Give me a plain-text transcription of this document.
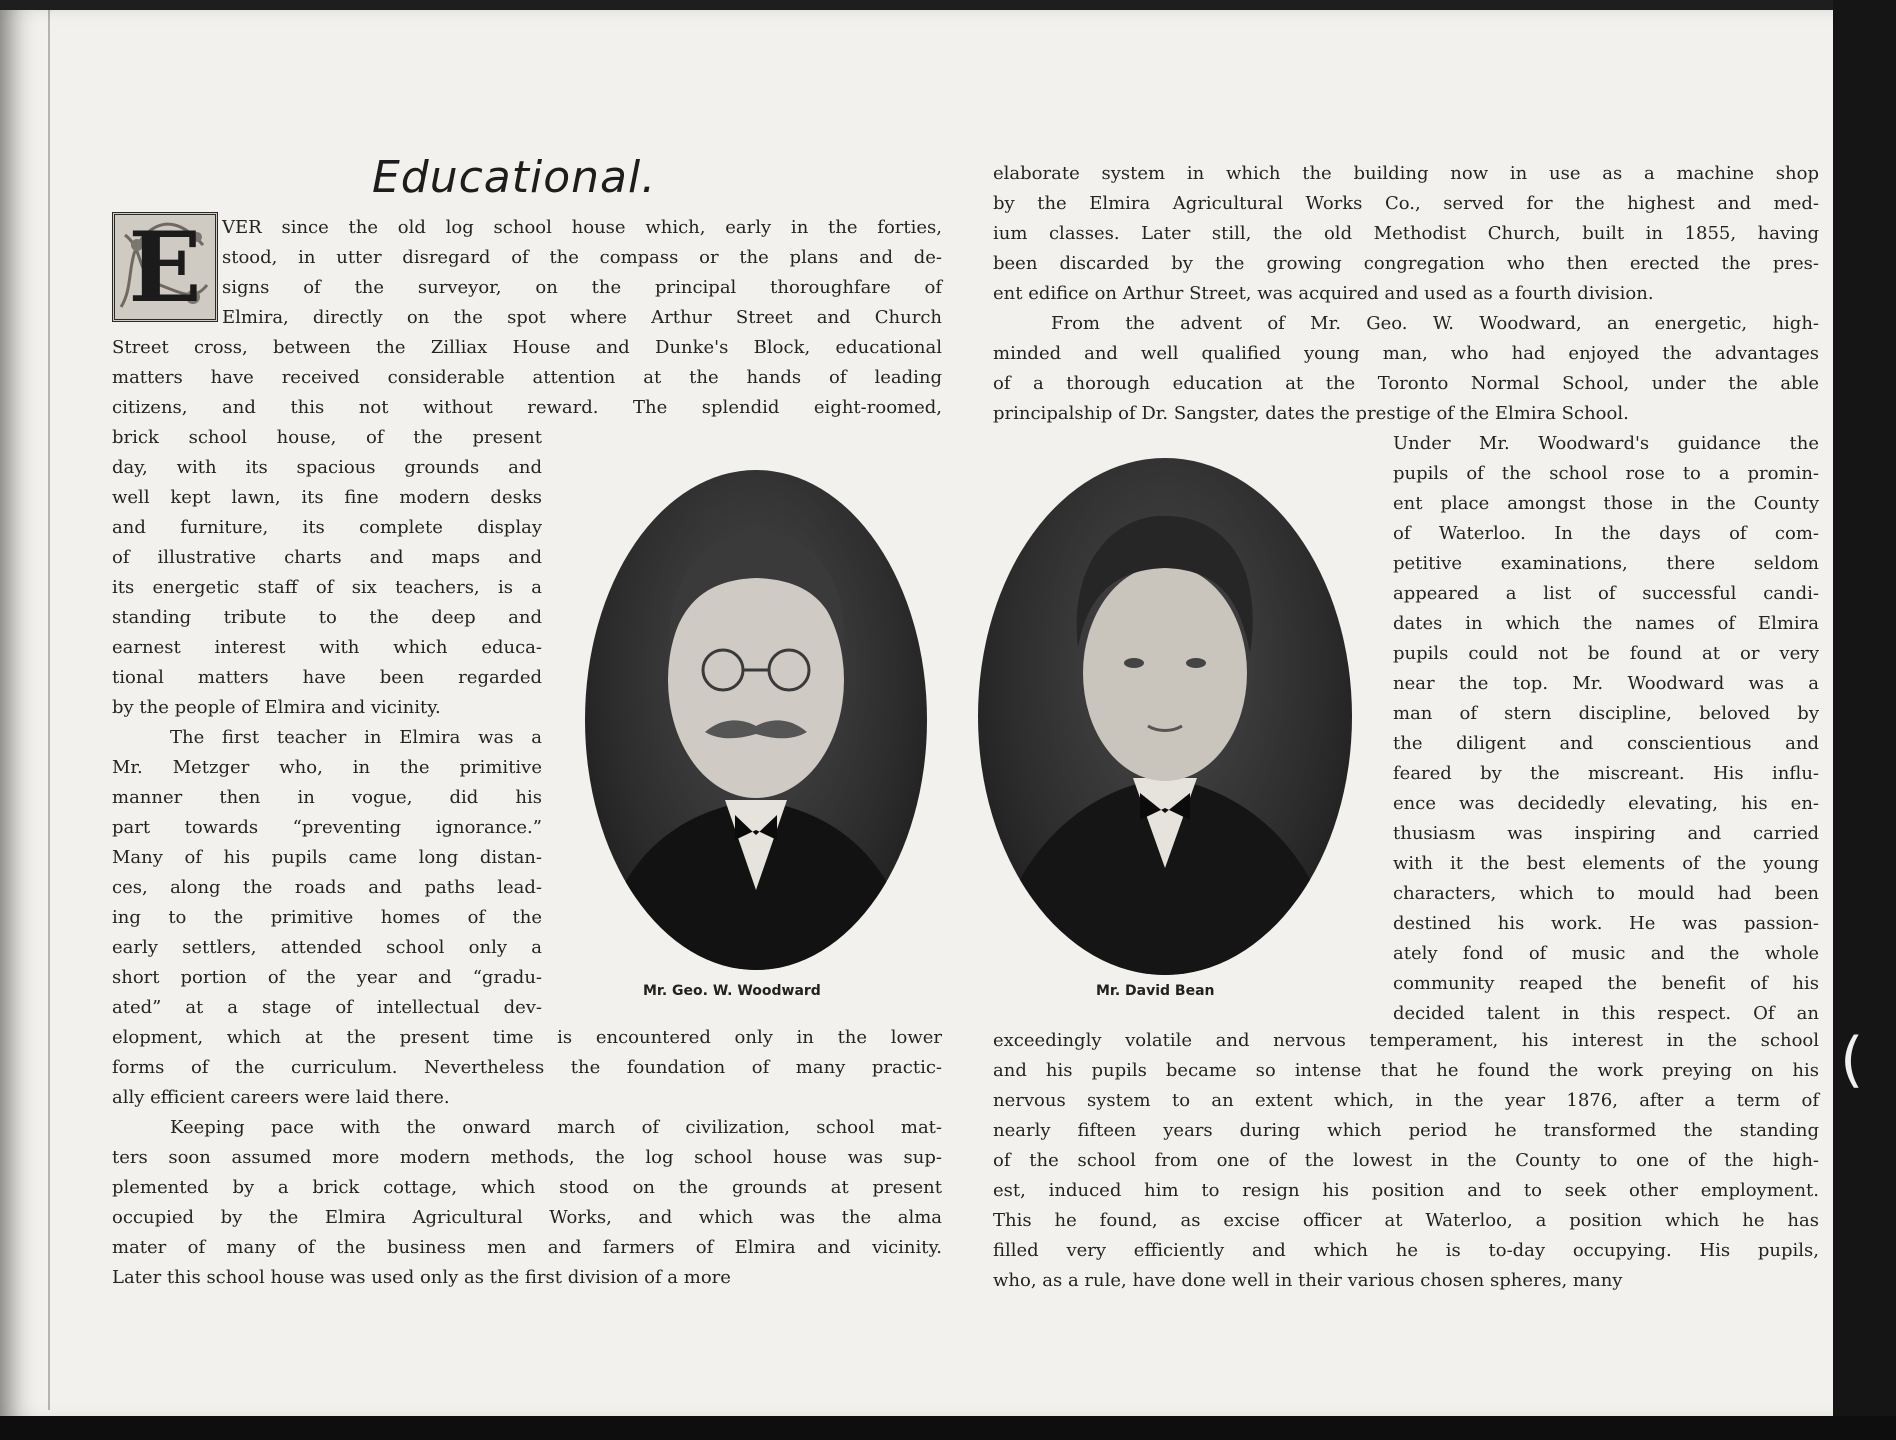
(
Educational.
E	VER since the old log school house which, early in the forties,
stood, in utter disregard of the compass or the plans and de-
signs of the surveyor, on the principal thoroughfare of
Elmira, directly on the spot where Arthur Street and Church
Street cross, between the Zilliax House and Dunke's Block, educational
matters have received considerable attention at the hands of leading
citizens, and this not without reward. The splendid eight-roomed,
brick school house, of the present
day, with its spacious grounds and
well kept lawn, its fine modern desks
and furniture, its complete display
of illustrative charts and maps and
its energetic staff of six teachers, is a
standing tribute to the deep and
earnest interest with which educa-
tional matters have been regarded
by the people of Elmira and vicinity.
The first teacher in Elmira was a
Mr. Metzger who, in the primitive
manner then in vogue, did his
part towards “preventing ignorance.”
Many of his pupils came long distan-
ces, along the roads and paths lead-
ing to the primitive homes of the
early settlers, attended school only a
short portion of the year and “gradu-
ated” at a stage of intellectual dev-
elopment, which at the present time is encountered only in the lower
forms of the curriculum. Nevertheless the foundation of many practic-
ally efficient careers were laid there.
Keeping pace with the onward march of civilization, school mat-
ters soon assumed more modern methods, the log school house was sup-
plemented by a brick cottage, which stood on the grounds at present
occupied by the Elmira Agricultural Works, and which was the alma
mater of many of the business men and farmers of Elmira and vicinity.
Later this school house was used only as the first division of a more
elaborate system in which the building now in use as a machine shop
by the Elmira Agricultural Works Co., served for the highest and med-
ium classes. Later still, the old Methodist Church, built in 1855, having
been discarded by the growing congregation who then erected the pres-
ent edifice on Arthur Street, was acquired and used as a fourth division.
From the advent of Mr. Geo. W. Woodward, an energetic, high-
minded and well qualified young man, who had enjoyed the advantages
of a thorough education at the Toronto Normal School, under the able
principalship of Dr. Sangster, dates the prestige of the Elmira School.
Under Mr. Woodward's guidance the
pupils of the school rose to a promin-
ent place amongst those in the County
of Waterloo. In the days of com-
petitive examinations, there seldom
appeared a list of successful candi-
dates in which the names of Elmira
pupils could not be found at or very
near the top. Mr. Woodward was a
man of stern discipline, beloved by
the diligent and conscientious and
feared by the miscreant. His influ-
ence was decidedly elevating, his en-
thusiasm was inspiring and carried
with it the best elements of the young
characters, which to mould had been
destined his work. He was passion-
ately fond of music and the whole
community reaped the benefit of his
decided talent in this respect. Of an
exceedingly volatile and nervous temperament, his interest in the school
and his pupils became so intense that he found the work preying on his
nervous system to an extent which, in the year 1876, after a term of
nearly fifteen years during which period he transformed the standing
of the school from one of the lowest in the County to one of the high-
est, induced him to resign his position and to seek other employment.
This he found, as excise officer at Waterloo, a position which he has
filled very efficiently and which he is to-day occupying. His pupils,
who, as a rule, have done well in their various chosen spheres, many

Mr. Geo. W. Woodward	Mr. David Bean
